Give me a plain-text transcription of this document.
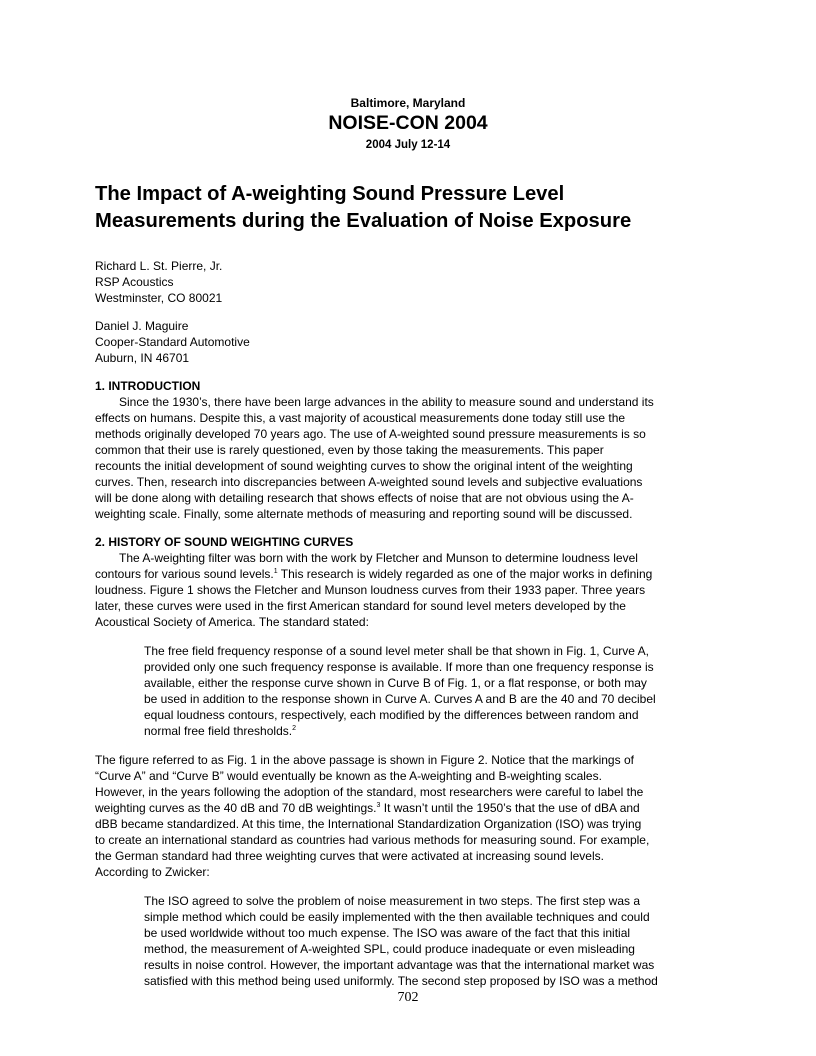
Baltimore, Maryland
NOISE-CON 2004
2004 July 12-14
The Impact of A-weighting Sound Pressure Level
Measurements during the Evaluation of Noise Exposure
Richard L. St. Pierre, Jr.
RSP Acoustics
Westminster, CO 80021
Daniel J. Maguire
Cooper-Standard Automotive
Auburn, IN 46701
1. INTRODUCTION
Since the 1930’s, there have been large advances in the ability to measure sound and understand its
effects on humans. Despite this, a vast majority of acoustical measurements done today still use the
methods originally developed 70 years ago. The use of A-weighted sound pressure measurements is so
common that their use is rarely questioned, even by those taking the measurements. This paper
recounts the initial development of sound weighting curves to show the original intent of the weighting
curves. Then, research into discrepancies between A-weighted sound levels and subjective evaluations
will be done along with detailing research that shows effects of noise that are not obvious using the A-
weighting scale. Finally, some alternate methods of measuring and reporting sound will be discussed.
2. HISTORY OF SOUND WEIGHTING CURVES
The A-weighting filter was born with the work by Fletcher and Munson to determine loudness level
contours for various sound levels.$^1$ This research is widely regarded as one of the major works in defining
loudness. Figure 1 shows the Fletcher and Munson loudness curves from their 1933 paper. Three years
later, these curves were used in the first American standard for sound level meters developed by the
Acoustical Society of America. The standard stated:
The free field frequency response of a sound level meter shall be that shown in Fig. 1, Curve A,
provided only one such frequency response is available. If more than one frequency response is
available, either the response curve shown in Curve B of Fig. 1, or a flat response, or both may
be used in addition to the response shown in Curve A. Curves A and B are the 40 and 70 decibel
equal loudness contours, respectively, each modified by the differences between random and
normal free field thresholds.$^2$
The figure referred to as Fig. 1 in the above passage is shown in Figure 2. Notice that the markings of
“Curve A” and “Curve B” would eventually be known as the A-weighting and B-weighting scales.
However, in the years following the adoption of the standard, most researchers were careful to label the
weighting curves as the 40 dB and 70 dB weightings.$^3$ It wasn’t until the 1950’s that the use of dBA and
dBB became standardized. At this time, the International Standardization Organization (ISO) was trying
to create an international standard as countries had various methods for measuring sound. For example,
the German standard had three weighting curves that were activated at increasing sound levels.
According to Zwicker:
The ISO agreed to solve the problem of noise measurement in two steps. The first step was a
simple method which could be easily implemented with the then available techniques and could
be used worldwide without too much expense. The ISO was aware of the fact that this initial
method, the measurement of A-weighted SPL, could produce inadequate or even misleading
results in noise control. However, the important advantage was that the international market was
satisfied with this method being used uniformly. The second step proposed by ISO was a method
702
